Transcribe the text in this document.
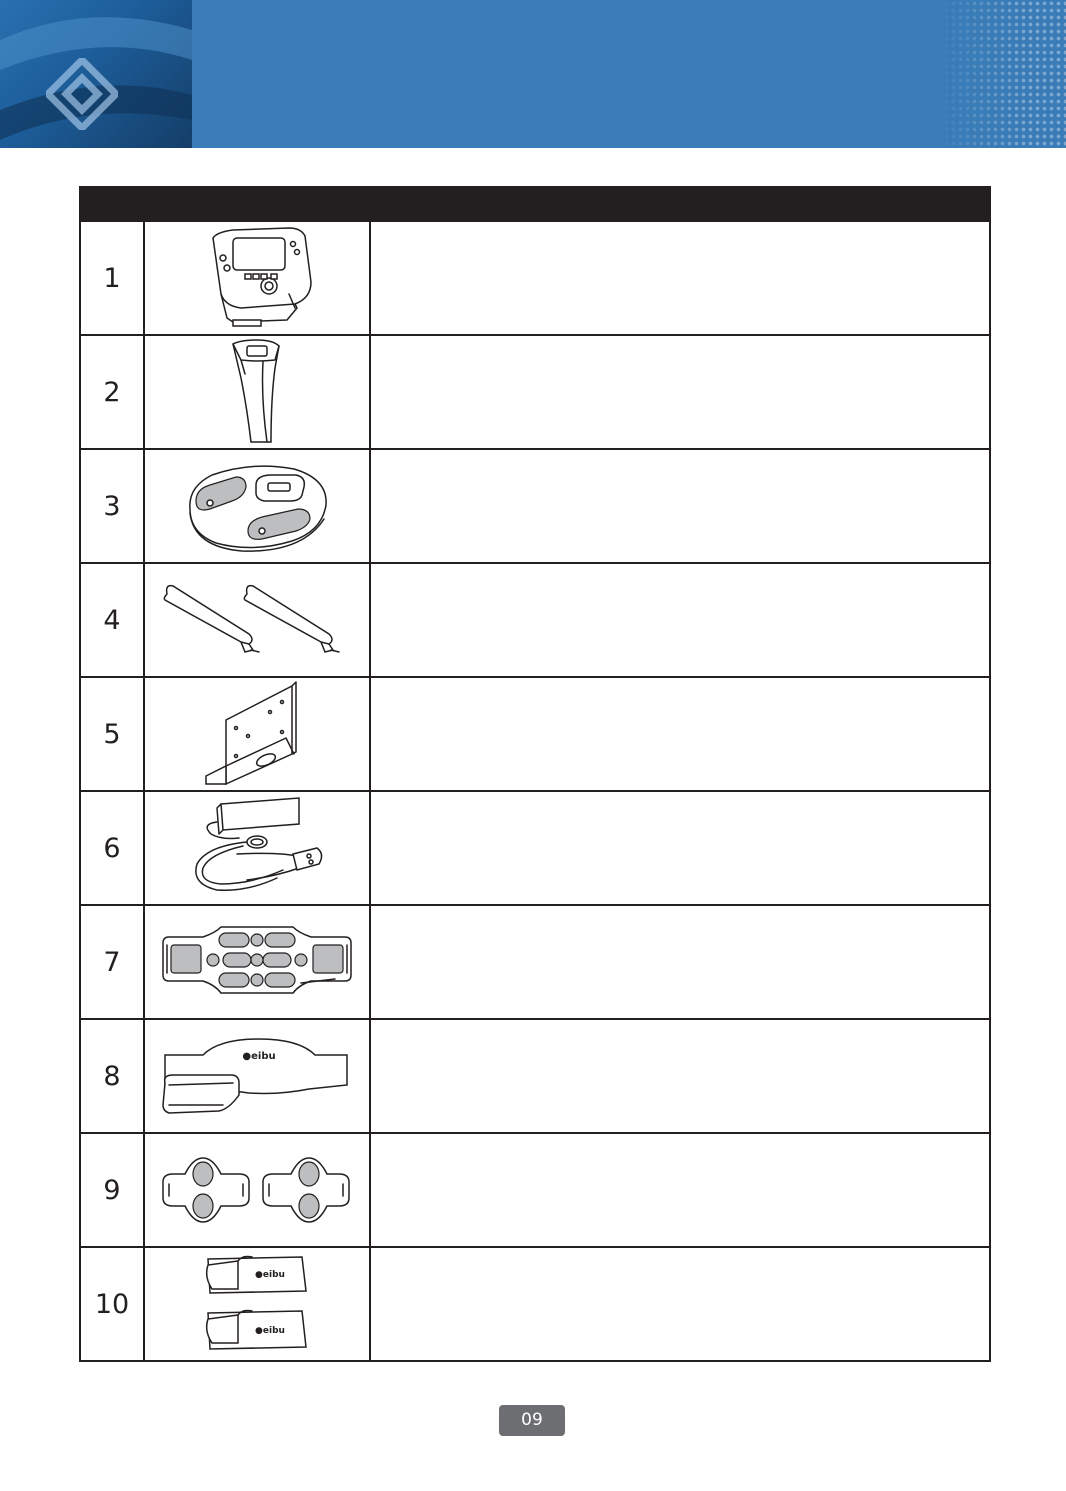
1	

2	

3	

4	

5	

6	

7	

8	●eibu	

9	

10	●eibu
●eibu	

09
